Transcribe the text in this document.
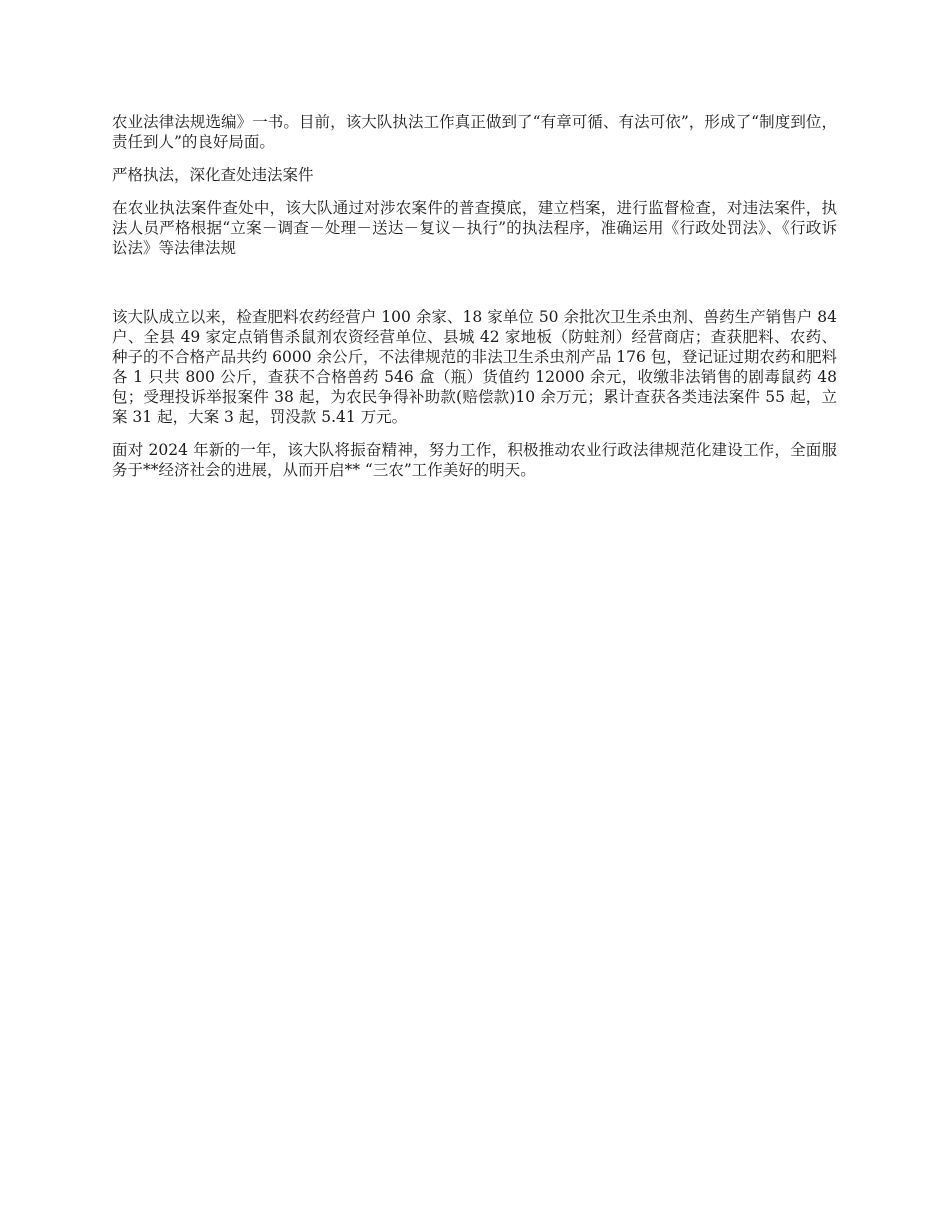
农业法律法规选编》一书。目前，该大队执法工作真正做到了“有章可循、有法可依”，形成了“制度到位，责任到人”的良好局面。

严格执法，深化查处违法案件

在农业执法案件查处中，该大队通过对涉农案件的普查摸底，建立档案，进行监督检查，对违法案件，执法人员严格根据“立案－调查－处理－送达－复议－执行”的执法程序，准确运用《行政处罚法》、《行政诉讼法》等法律法规

该大队成立以来，检查肥料农药经营户 100 余家、18 家单位 50 余批次卫生杀虫剂、兽药生产销售户 84 户、全县 49 家定点销售杀鼠剂农资经营单位、县城 42 家地板（防蛀剂）经营商店；查获肥料、农药、种子的不合格产品共约 6000 余公斤，不法律规范的非法卫生杀虫剂产品 176 包，登记证过期农药和肥料各 1 只共 800 公斤，查获不合格兽药 546 盒（瓶）货值约 12000 余元，收缴非法销售的剧毒鼠药 48 包；受理投诉举报案件 38 起，为农民争得补助款(赔偿款)10 余万元；累计查获各类违法案件 55 起，立案 31 起，大案 3 起，罚没款 5.41 万元。

面对 2024 年新的一年，该大队将振奋精神，努力工作，积极推动农业行政法律规范化建设工作，全面服务于**经济社会的进展，从而开启** “三农”工作美好的明天。
